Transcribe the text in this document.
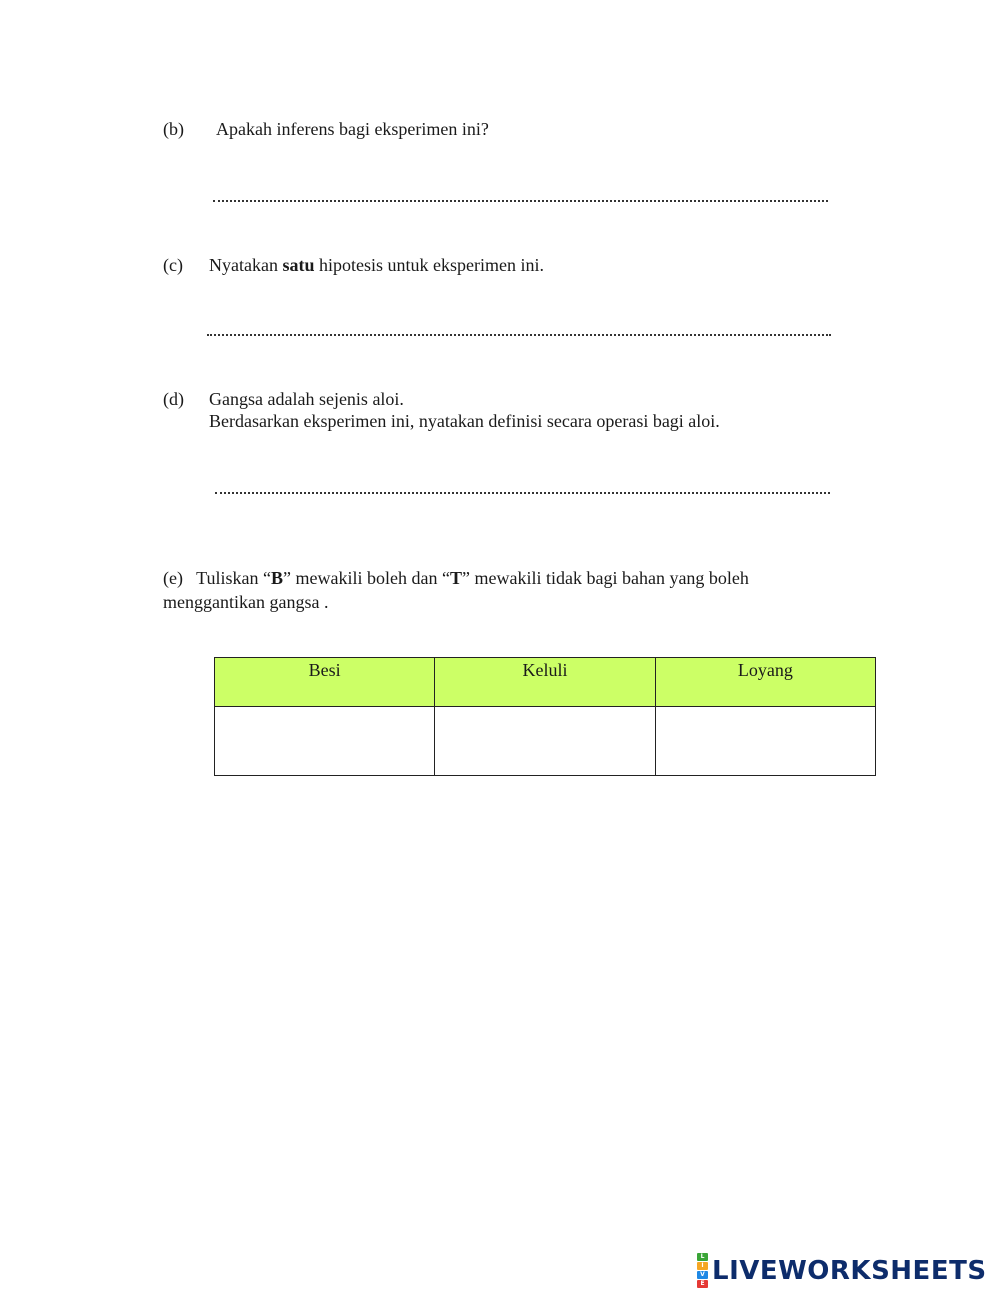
(b) Apakah inferens bagi eksperimen ini?
(c) Nyatakan satu hipotesis untuk eksperimen ini.
(d) Gangsa adalah sejenis aloi.
Berdasarkan eksperimen ini, nyatakan definisi secara operasi bagi aloi.
(e) Tuliskan “B” mewakili boleh dan “T” mewakili tidak bagi bahan yang boleh
menggantikan gangsa .
Besi	Keluli	Loyang

L
I
V
E LIVEWORKSHEETS
